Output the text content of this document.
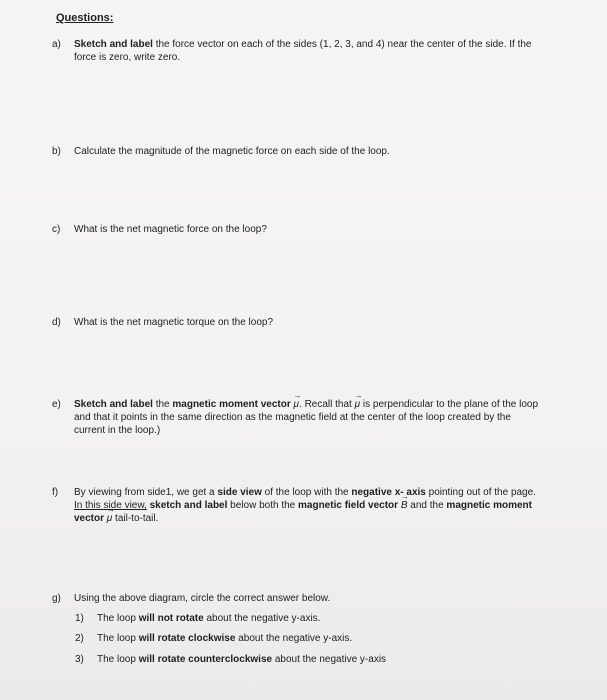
Questions:
a)	Sketch and label the force vector on each of the sides (1, 2, 3, and 4) near the center of the side. If the force is zero, write zero.
b)	Calculate the magnitude of the magnetic force on each side of the loop.
c)	What is the net magnetic force on the loop?
d)	What is the net magnetic torque on the loop?
e)	Sketch and label the magnetic moment vector → μ. Recall that → μ is perpendicular to the plane of the loop and that it points in the same direction as the magnetic field at the center of the loop created by the current in the loop.)
f)	By viewing from side1, we get a side view of the loop with the negative x- axis pointing out of the page. In this side view, sketch and label below both the magnetic field vector → B and the magnetic moment vector → μ tail-to-tail.
g)	Using the above diagram, circle the correct answer below.
1)	The loop will not rotate about the negative y-axis.
2)	The loop will rotate clockwise about the negative y-axis.
3)	The loop will rotate counterclockwise about the negative y-axis
